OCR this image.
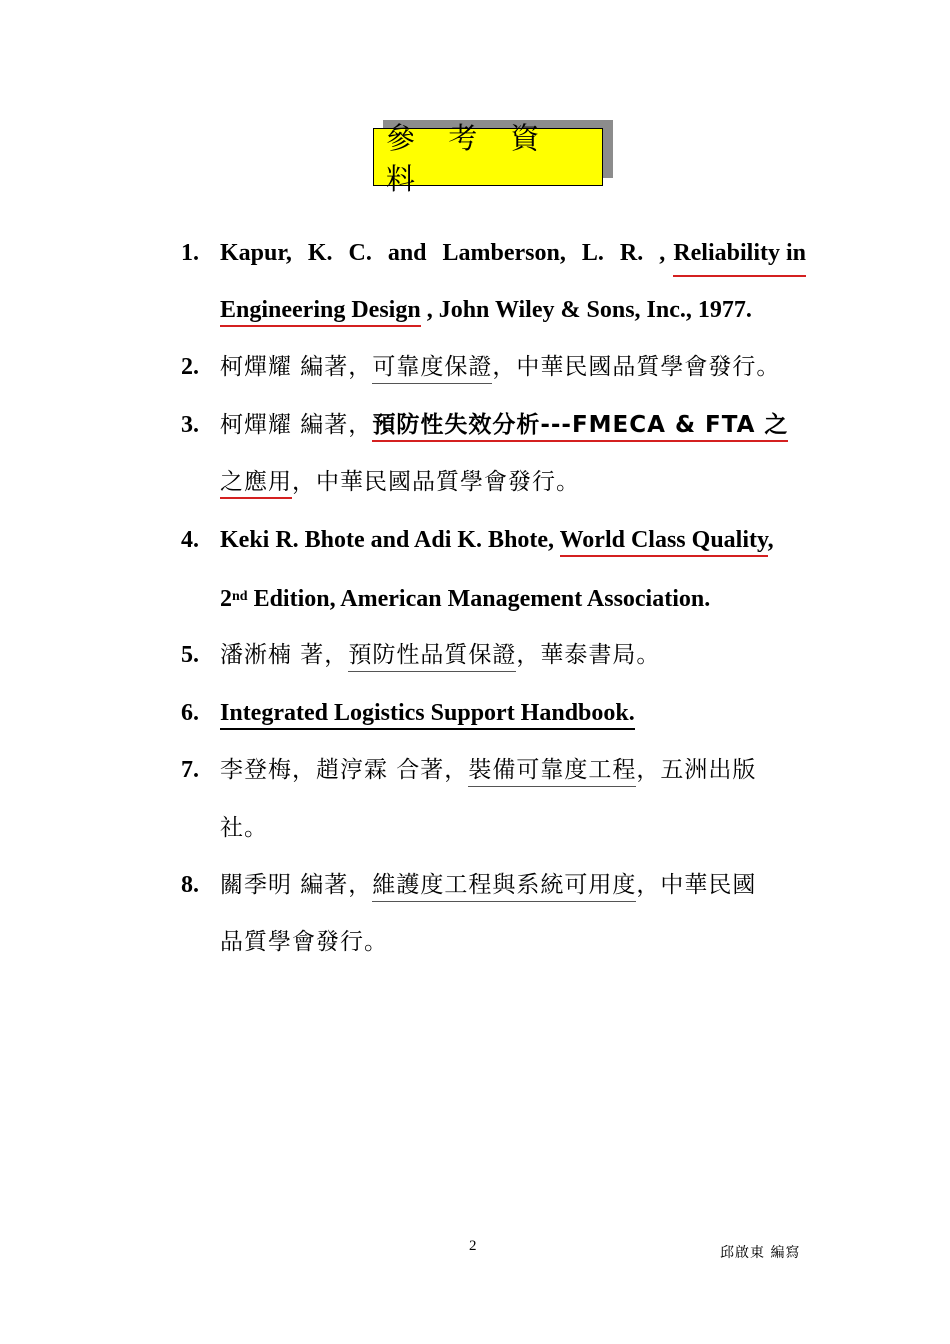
參 考 資 料
1. Kapur, K. C. and Lamberson, L. R. , Reliability in
Engineering Design , John Wiley & Sons, Inc., 1977.
2. 柯燀耀 編著，可靠度保證，中華民國品質學會發行。
3. 柯燀耀 編著，預防性失效分析---FMECA & FTA 之
之應用，中華民國品質學會發行。
4. Keki R. Bhote and Adi K. Bhote, World Class Quality,
2nd Edition, American Management Association.
5. 潘淅楠 著，預防性品質保證，華泰書局。
6. Integrated Logistics Support Handbook.
7. 李登梅，趙涥霖 合著，裝備可靠度工程，五洲出版
社。
8. 關季明 編著，維護度工程與系統可用度，中華民國
品質學會發行。
2	邱啟東 編寫
